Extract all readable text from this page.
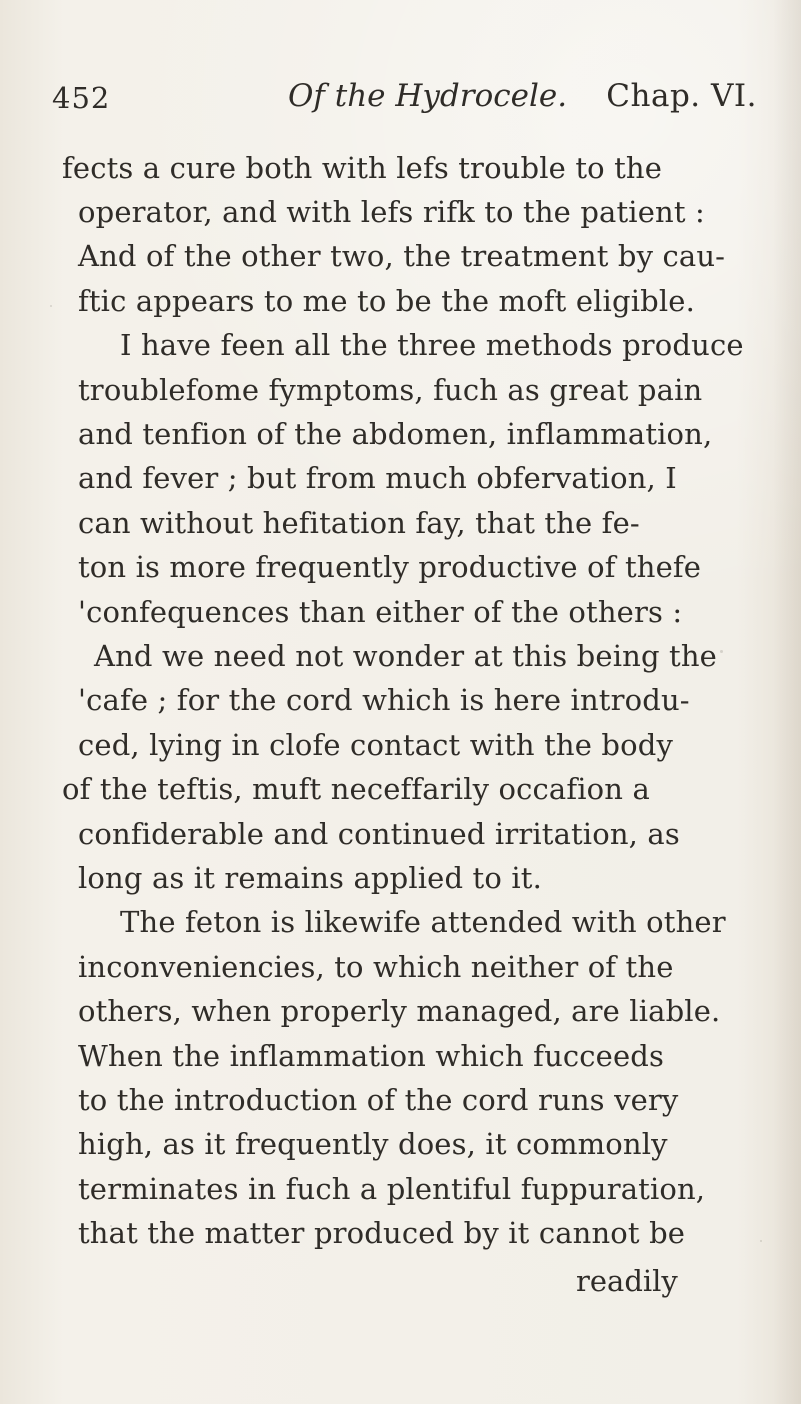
452	Of the Hydrocele. Chap. VI.
fects a cure both with lefs trouble to the
operator, and with lefs rifk to the patient :
And of the other two, the treatment by cau-
ftic appears to me to be the moft eligible.
I have feen all the three methods produce
troublefome fymptoms, fuch as great pain
and tenfion of the abdomen, inflammation,
and fever ; but from much obfervation, I
can without hefitation fay, that the fe-
ton is more frequently productive of thefe
'confequences than either of the others :
And we need not wonder at this being the
'cafe ; for the cord which is here introdu-
ced, lying in clofe contact with the body
of the teftis, muft neceffarily occafion a
confiderable and continued irritation, as
long as it remains applied to it.
The feton is likewife attended with other
inconveniencies, to which neither of the
others, when properly managed, are liable.
When the inflammation which fucceeds
to the introduction of the cord runs very
high, as it frequently does, it commonly
terminates in fuch a plentiful fuppuration,
that the matter produced by it cannot be
readily
